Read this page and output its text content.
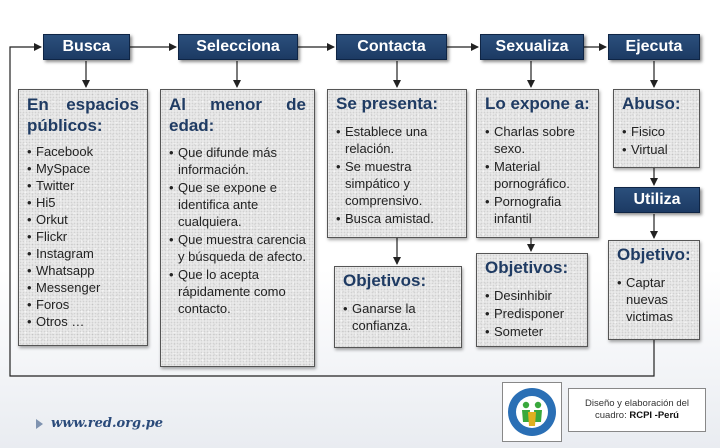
Busca	Selecciona	Contacta	Sexualiza	Ejecuta
Utiliza
En espacios públicos:
• Facebook
• MySpace
• Twitter
• Hi5
• Orkut
• Flickr
• Instagram
• Whatsapp
• Messenger
• Foros
• Otros …
Al menor de edad:
• Que difunde más información.
• Que se expone e identifica ante cualquiera.
• Que muestra carencia y búsqueda de afecto.
• Que lo acepta rápidamente como contacto.
Se presenta:
• Establece una relación.
• Se muestra simpático y comprensivo.
• Busca amistad.
Objetivos:
• Ganarse la confianza.
Lo expone a:
• Charlas sobre sexo.
• Material pornográfico.
• Pornografia infantil
Objetivos:
• Desinhibir
• Predisponer
• Someter
Abuso:
• Fisico
• Virtual
Objetivo:
• Captar nuevas victimas
www.red.org.pe
Diseño y elaboración del
cuadro: RCPI -Perú
